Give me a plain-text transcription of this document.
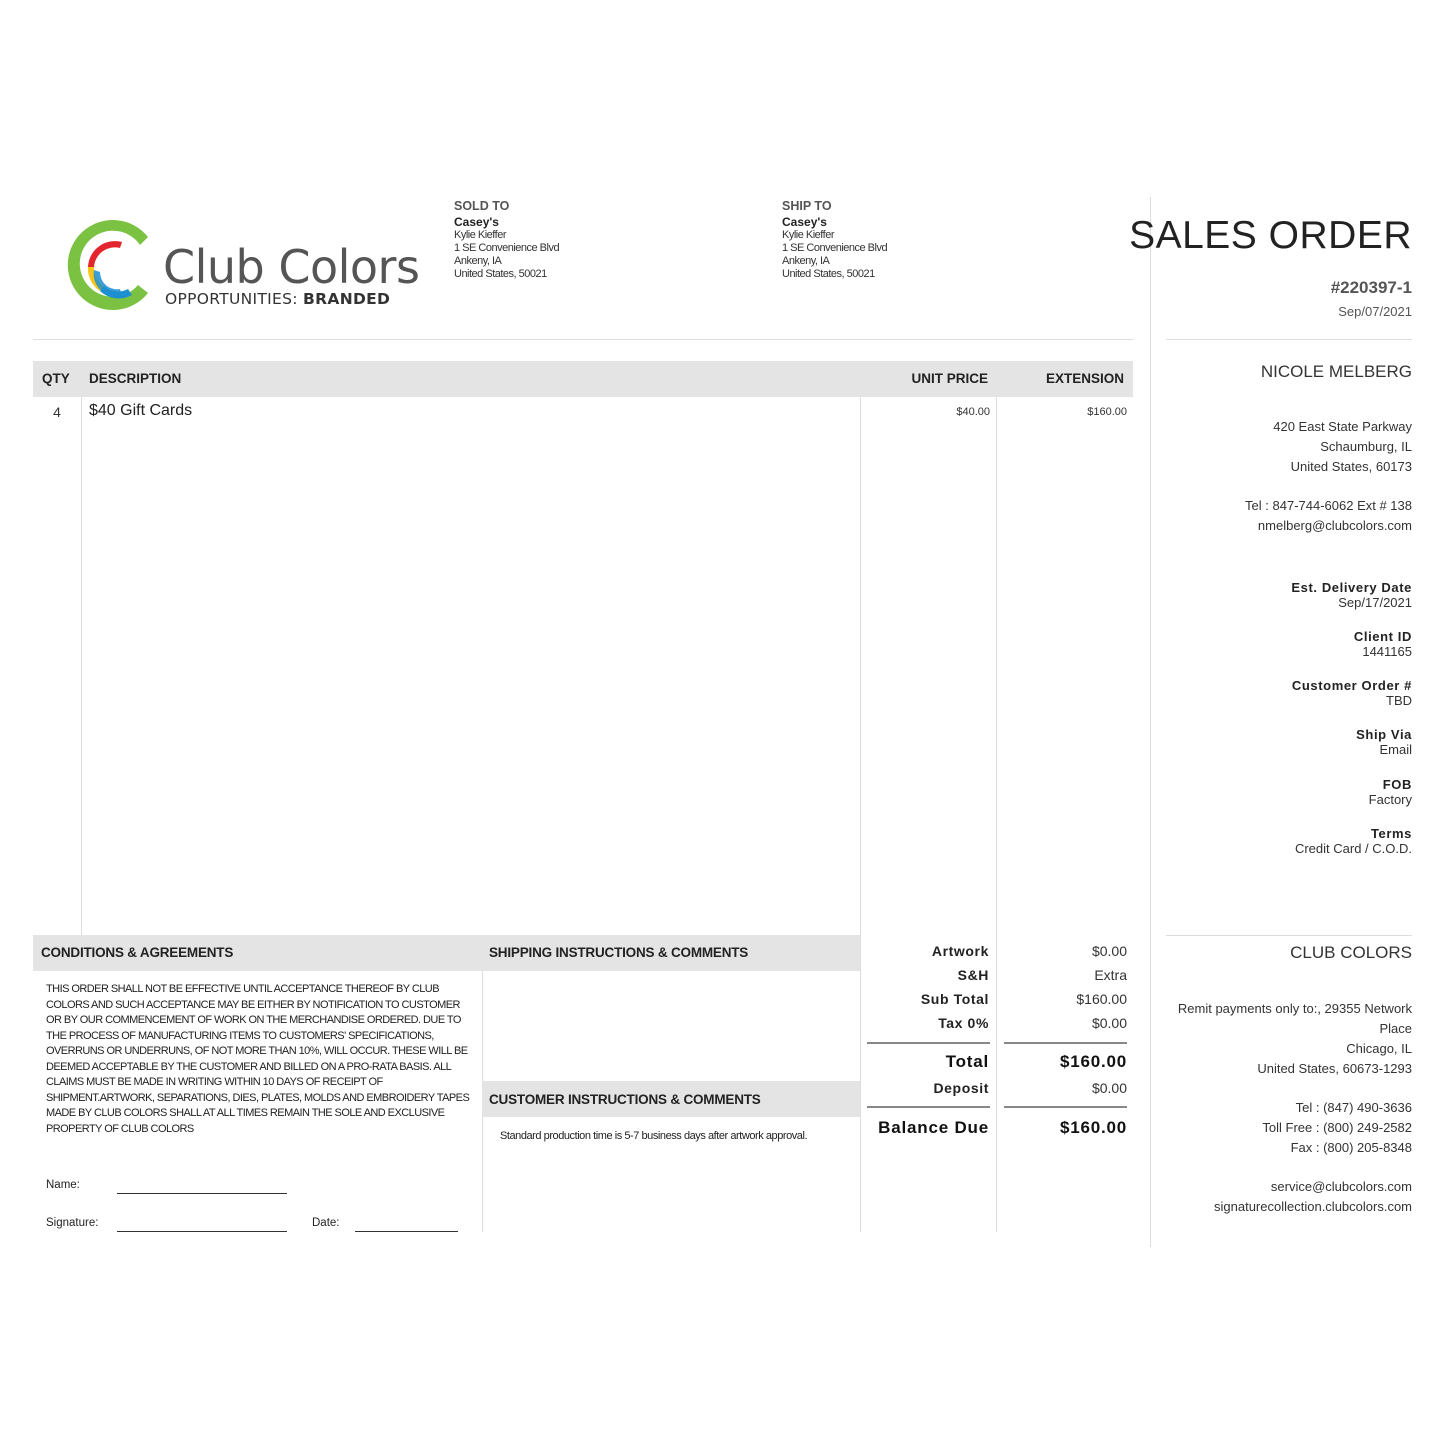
Club Colors
OPPORTUNITIES: BRANDED
SOLD TO
Casey's
Kylie Kieffer
1 SE Convenience Blvd
Ankeny, IA
United States, 50021
SHIP TO
Casey's
Kylie Kieffer
1 SE Convenience Blvd
Ankeny, IA
United States, 50021
SALES ORDER
#220397-1
Sep/07/2021
NICOLE MELBERG
420 East State Parkway
Schaumburg, IL
United States, 60173
Tel : 847-744-6062 Ext # 138
nmelberg@clubcolors.com
Est. Delivery Date
Sep/17/2021
Client ID
1441165
Customer Order #
TBD
Ship Via
Email
FOB
Factory
Terms
Credit Card / C.O.D.
CLUB COLORS
Remit payments only to:, 29355 Network
Place
Chicago, IL
United States, 60673-1293
Tel : (847) 490-3636
Toll Free : (800) 249-2582
Fax : (800) 205-8348
service@clubcolors.com
signaturecollection.clubcolors.com
QTY DESCRIPTION	UNIT PRICE	EXTENSION
4	$40 Gift Cards	$40.00	$160.00
CONDITIONS & AGREEMENTS	SHIPPING INSTRUCTIONS & COMMENTS
THIS ORDER SHALL NOT BE EFFECTIVE UNTIL ACCEPTANCE THEREOF BY CLUB COLORS AND SUCH ACCEPTANCE MAY BE EITHER BY NOTIFICATION TO CUSTOMER OR BY OUR COMMENCEMENT OF WORK ON THE MERCHANDISE ORDERED. DUE TO THE PROCESS OF MANUFACTURING ITEMS TO CUSTOMERS' SPECIFICATIONS, OVERRUNS OR UNDERRUNS, OF NOT MORE THAN 10%, WILL OCCUR. THESE WILL BE DEEMED ACCEPTABLE BY THE CUSTOMER AND BILLED ON A PRO-RATA BASIS. ALL CLAIMS MUST BE MADE IN WRITING WITHIN 10 DAYS OF RECEIPT OF SHIPMENT.ARTWORK, SEPARATIONS, DIES, PLATES, MOLDS AND EMBROIDERY TAPES MADE BY CLUB COLORS SHALL AT ALL TIMES REMAIN THE SOLE AND EXCLUSIVE PROPERTY OF CLUB COLORS
Name:
Signature:	Date:
CUSTOMER INSTRUCTIONS & COMMENTS
Standard production time is 5-7 business days after artwork approval.
Artwork	$0.00
S&H	Extra
Sub Total	$160.00
Tax 0%	$0.00
Total	$160.00
Deposit	$0.00
Balance Due	$160.00
